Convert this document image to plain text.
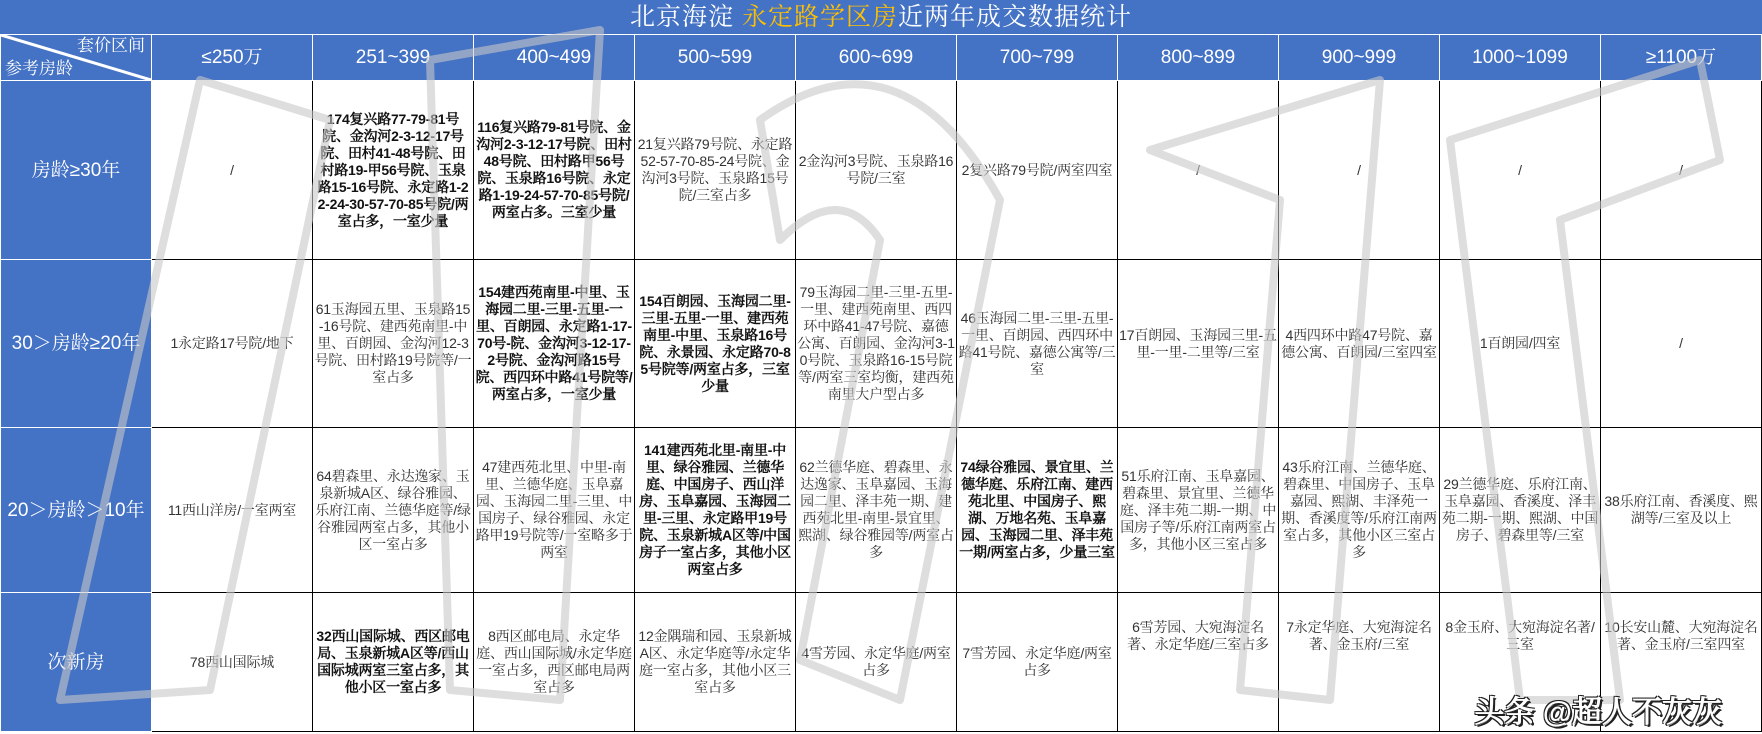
北京海淀 永定路学区房近两年成交数据统计
套价区间
参考房龄	≤250万	251~399	400~499	500~599	600~699	700~799	800~899	900~999	1000~1099	≥1100万
房龄≥30年	/	174复兴路77-79-81号院、金沟河2-3-12-17号院、田村41-48号院、田村路19-甲56号院、玉泉路15-16号院、永定路1-22-24-30-57-70-85号院/两室占多，一室少量	116复兴路79-81号院、金沟河2-3-12-17号院、田村48号院、田村路甲56号院、玉泉路16号院、永定路1-19-24-57-70-85号院/两室占多。三室少量	21复兴路79号院、永定路52-57-70-85-24号院、金沟河3号院、玉泉路15号院/三室占多	2金沟河3号院、玉泉路16号院/三室	2复兴路79号院/两室四室	/	/	/	/
30＞房龄≥20年	1永定路17号院/地下	61玉海园五里、玉泉路15-16号院、建西苑南里-中里、百朗园、金沟河12-3号院、田村路19号院等/一室占多	154建西苑南里-中里、玉海园二里-三里-五里-一里、百朗园、永定路1-17-70号-院、金沟河3-12-17-2号院、金沟河路15号院、西四环中路41号院等/两室占多，一室少量	154百朗园、玉海园二里-三里-五里-一里、建西苑南里-中里、玉泉路16号院、永景园、永定路70-85号院等/两室占多，三室少量	79玉海园二里-三里-五里-一里、建西苑南里、西四环中路41-47号院、嘉德公寓、百朗园、金沟河3-10号院、玉泉路16-15号院等/两室三室均衡，建西苑南里大户型占多	46玉海园二里-三里-五里-一里、百朗园、西四环中路41号院、嘉德公寓等/三室	17百朗园、玉海园三里-五里-一里-二里等/三室	4西四环中路47号院、嘉德公寓、百朗园/三室四室	1百朗园/四室	/
20＞房龄＞10年	11西山洋房/一室两室	64碧森里、永达逸家、玉泉新城A区、绿谷雅园、乐府江南、兰德华庭等/绿谷雅园两室占多，其他小区一室占多	47建西苑北里、中里-南里、兰德华庭、玉阜嘉园、玉海园二里-三里、中国房子、绿谷雅园、永定路甲19号院等/一室略多于两室	141建西苑北里-南里-中里、绿谷雅园、兰德华庭、中国房子、西山洋房、玉阜嘉园、玉海园二里-三里、永定路甲19号院、玉泉新城A区等/中国房子一室占多，其他小区两室占多	62兰德华庭、碧森里、永达逸家、玉阜嘉园、玉海园二里、泽丰苑一期、建西苑北里-南里-景宜里、熙湖、绿谷雅园等/两室占多	74绿谷雅园、景宜里、兰德华庭、乐府江南、建西苑北里、中国房子、熙湖、万地名苑、玉阜嘉园、玉海园二里、泽丰苑一期/两室占多，少量三室	51乐府江南、玉阜嘉园、碧森里、景宜里、兰德华庭、泽丰苑二期-一期、中国房子等/乐府江南两室占多，其他小区三室占多	43乐府江南、兰德华庭、碧森里、中国房子、玉阜嘉园、熙湖、丰泽苑一期、香溪度等/乐府江南两室占多，其他小区三室占多	29兰德华庭、乐府江南、玉阜嘉园、香溪度、泽丰苑二期-一期、熙湖、中国房子、碧森里等/三室	38乐府江南、香溪度、熙湖等/三室及以上
次新房	78西山国际城	32西山国际城、西区邮电局、玉泉新城A区等/西山国际城两室三室占多，其他小区一室占多	8西区邮电局、永定华庭、西山国际城/永定华庭一室占多，西区邮电局两室占多	12金隅瑞和园、玉泉新城A区、永定华庭等/永定华庭一室占多，其他小区三室占多	4雪芳园、永定华庭/两室占多	7雪芳园、永定华庭/两室占多	6雪芳园、大宛海淀名著、永定华庭/三室占多	7永定华庭、大宛海淀名著、金玉府/三室	8金玉府、大宛海淀名著/三室	10长安山麓、大宛海淀名著、金玉府/三室四室
头条 @超人不灰灰
